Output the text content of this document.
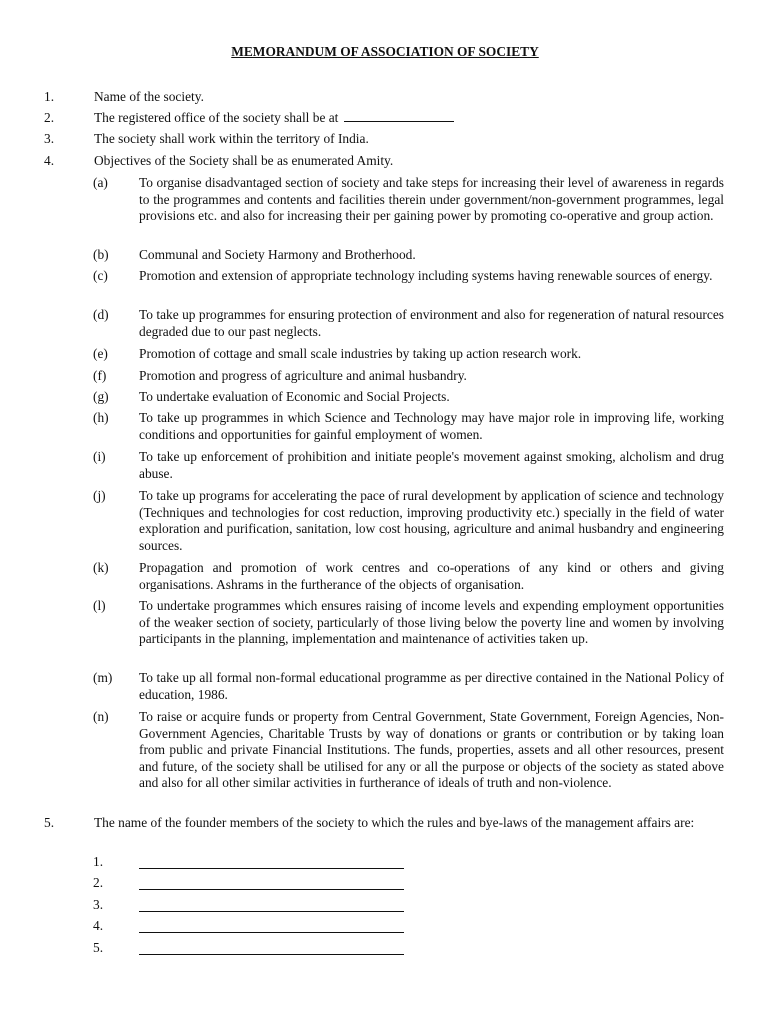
MEMORANDUM OF ASSOCIATION OF SOCIETY
1.	Name of the society.
2.	The registered office of the society shall be at
3.	The society shall work within the territory of India.
4.	Objectives of the Society shall be as enumerated Amity.
(a) To organise disadvantaged section of society and take steps for increasing their level of awareness in regards to the programmes and contents and facilities therein under government/non-government programmes, legal provisions etc. and also for increasing their per gaining power by promoting co-operative and group action.
(b) Communal and Society Harmony and Brotherhood.
(c) Promotion and extension of appropriate technology including systems having renewable sources of energy.
(d) To take up programmes for ensuring protection of environment and also for regeneration of natural resources degraded due to our past neglects.
(e) Promotion of cottage and small scale industries by taking up action research work.
(f) Promotion and progress of agriculture and animal husbandry.
(g) To undertake evaluation of Economic and Social Projects.
(h) To take up programmes in which Science and Technology may have major role in improving life, working conditions and opportunities for gainful employment of women.
(i) To take up enforcement of prohibition and initiate people's movement against smoking, alcholism and drug abuse.
(j) To take up programs for accelerating the pace of rural development by application of science and technology (Techniques and technologies for cost reduction, improving productivity etc.) specially in the field of water exploration and purification, sanitation, low cost housing, agriculture and animal husbandry and engineering sources.
(k) Propagation and promotion of work centres and co-operations of any kind or others and giving organisations. Ashrams in the furtherance of the objects of organisation.
(l) To undertake programmes which ensures raising of income levels and expending employment opportunities of the weaker section of society, particularly of those living below the poverty line and women by involving participants in the planning, implementation and maintenance of activities taken up.
(m) To take up all formal non-formal educational programme as per directive contained in the National Policy of education, 1986.
(n) To raise or acquire funds or property from Central Government, State Government, Foreign Agencies, Non-Government Agencies, Charitable Trusts by way of donations or grants or contribution or by taking loan from public and private Financial Institutions. The funds, properties, assets and all other resources, present and future, of the society shall be utilised for any or all the purpose or objects of the society as stated above and also for all other similar activities in furtherance of ideals of truth and non-violence.
5.	The name of the founder members of the society to which the rules and bye-laws of the management affairs are:
1.
2.
3.
4.
5.
